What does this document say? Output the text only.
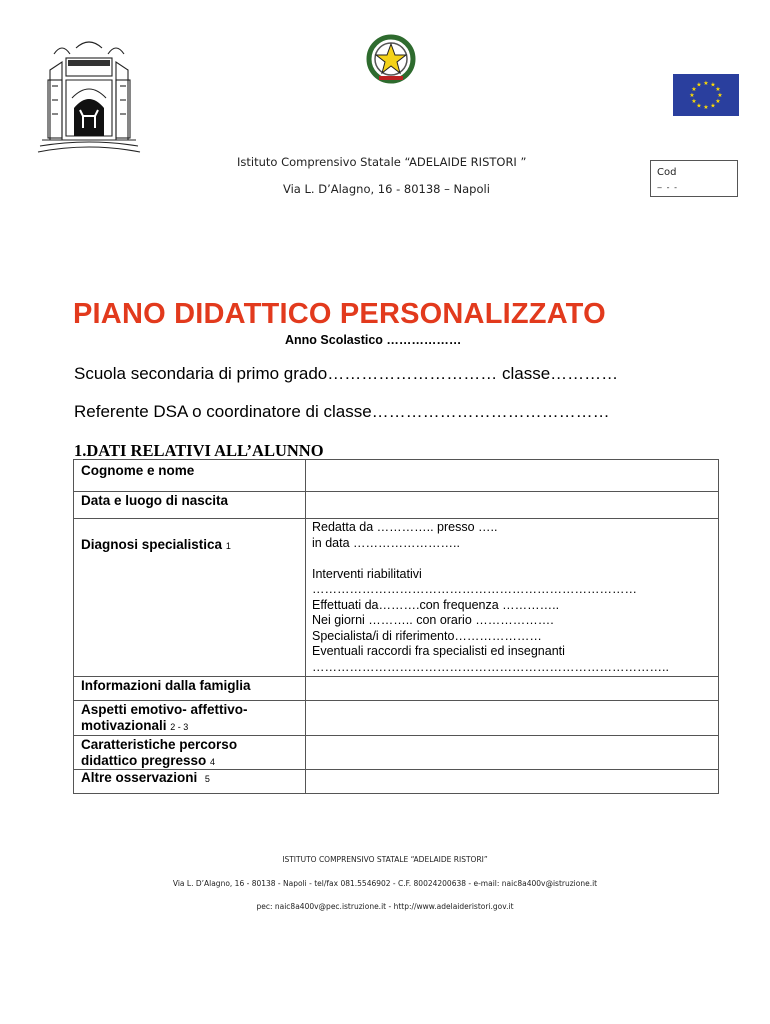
★ ★
★
★
★
★
★
★
★
★
★
★
Istituto Comprensivo Statale “ADELAIDE RISTORI ”
Via L. D’Alagno, 16 - 80138 – Napoli
Cod
‒ - ‐
PIANO DIDATTICO PERSONALIZZATO
Anno Scolastico ………………
Scuola secondaria di primo grado………………………… classe…………
Referente DSA o coordinatore di classe……………………………………
1.DATI RELATIVI ALL’ALUNNO
Cognome e nome
Data e luogo di nascita
Diagnosi specialistica 1
Informazioni dalla famiglia
Aspetti emotivo- affettivo-
motivazionali 2 - 3
Caratteristiche percorso
didattico pregresso 4
Altre osservazioni 5
Redatta da ………….. presso …..
in data ……………………..
Interventi riabilitativi
……………………………………………………………………
Effettuati da……….con frequenza …………..
Nei giorni ……….. con orario ……………….
Specialista/i di riferimento…………………
Eventuali raccordi fra specialisti ed insegnanti
…………………………………………………………………………..
ISTITUTO COMPRENSIVO STATALE “ADELAIDE RISTORI”
Via L. D’Alagno, 16 - 80138 - Napoli - tel/fax 081.5546902 - C.F. 80024200638 - e-mail: naic8a400v@istruzione.it
pec: naic8a400v@pec.istruzione.it - http://www.adelaideristori.gov.it
